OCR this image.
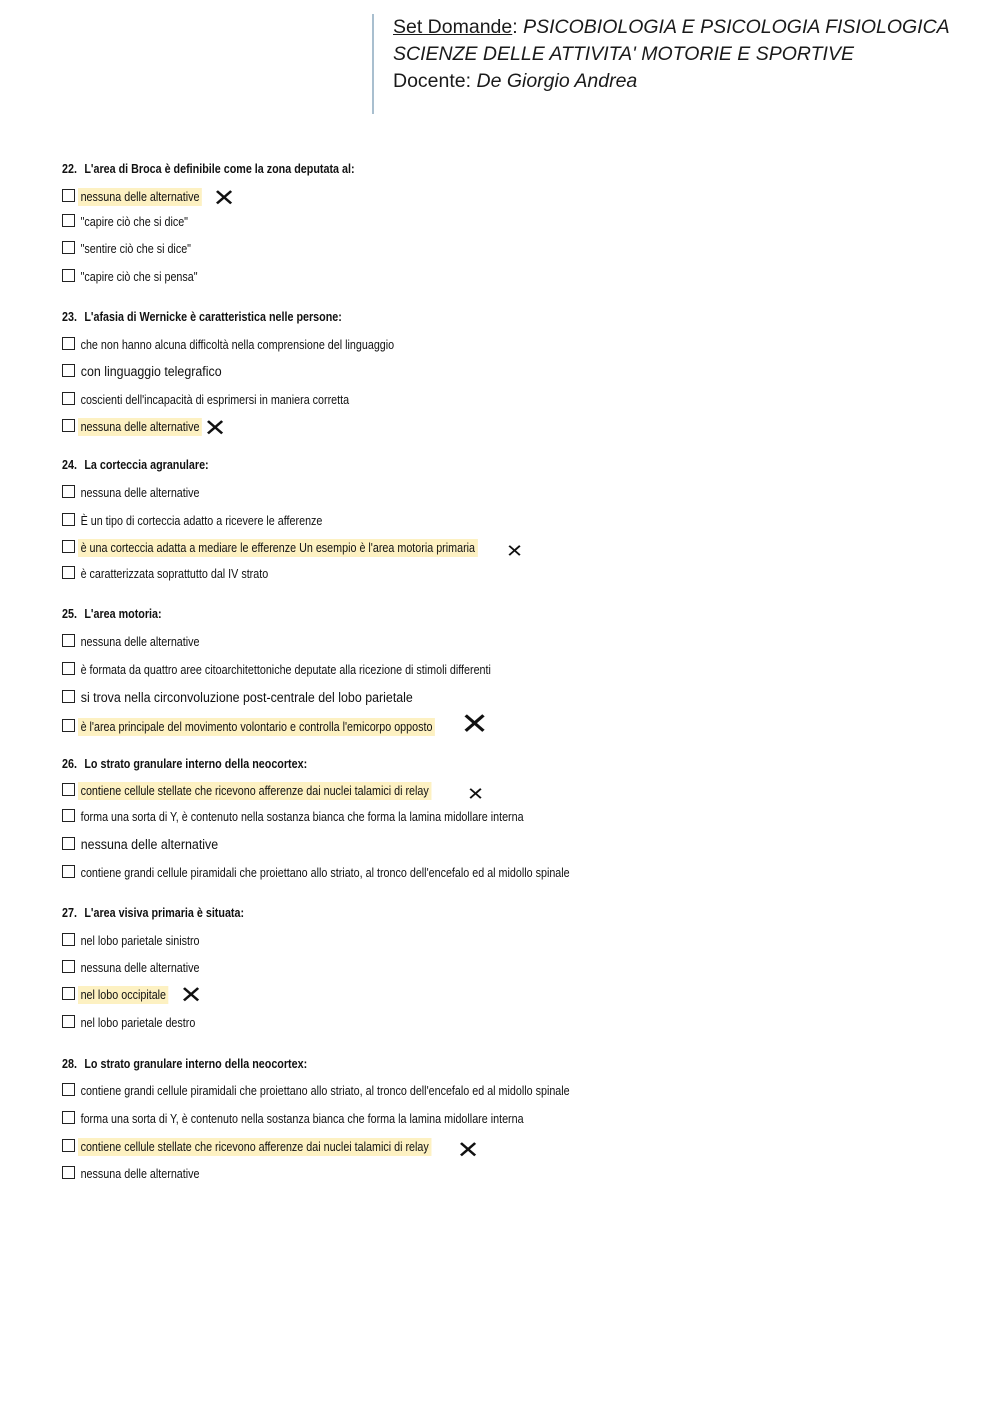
Set Domande: PSICOBIOLOGIA E PSICOLOGIA FISIOLOGICA
SCIENZE DELLE ATTIVITA' MOTORIE E SPORTIVE
Docente: De Giorgio Andrea
22. L'area di Broca è definibile come la zona deputata al:
nessuna delle alternative ✕
"capire ciò che si dice"
"sentire ciò che si dice"
"capire ciò che si pensa"
23. L'afasia di Wernicke è caratteristica nelle persone:
che non hanno alcuna difficoltà nella comprensione del linguaggio
con linguaggio telegrafico
coscienti dell'incapacità di esprimersi in maniera corretta
nessuna delle alternative ✕
24. La corteccia agranulare:
nessuna delle alternative
È un tipo di corteccia adatto a ricevere le afferenze
è una corteccia adatta a mediare le efferenze Un esempio è l'area motoria primaria ✕
è caratterizzata soprattutto dal IV strato
25. L'area motoria:
nessuna delle alternative
è formata da quattro aree citoarchitettoniche deputate alla ricezione di stimoli differenti
si trova nella circonvoluzione post-centrale del lobo parietale
è l'area principale del movimento volontario e controlla l'emicorpo opposto ✕
26. Lo strato granulare interno della neocortex:
contiene cellule stellate che ricevono afferenze dai nuclei talamici di relay ✕
forma una sorta di Y, è contenuto nella sostanza bianca che forma la lamina midollare interna
nessuna delle alternative
contiene grandi cellule piramidali che proiettano allo striato, al tronco dell'encefalo ed al midollo spinale
27. L'area visiva primaria è situata:
nel lobo parietale sinistro
nessuna delle alternative
nel lobo occipitale ✕
nel lobo parietale destro
28. Lo strato granulare interno della neocortex:
contiene grandi cellule piramidali che proiettano allo striato, al tronco dell'encefalo ed al midollo spinale
forma una sorta di Y, è contenuto nella sostanza bianca che forma la lamina midollare interna
contiene cellule stellate che ricevono afferenze dai nuclei talamici di relay ✕
nessuna delle alternative
